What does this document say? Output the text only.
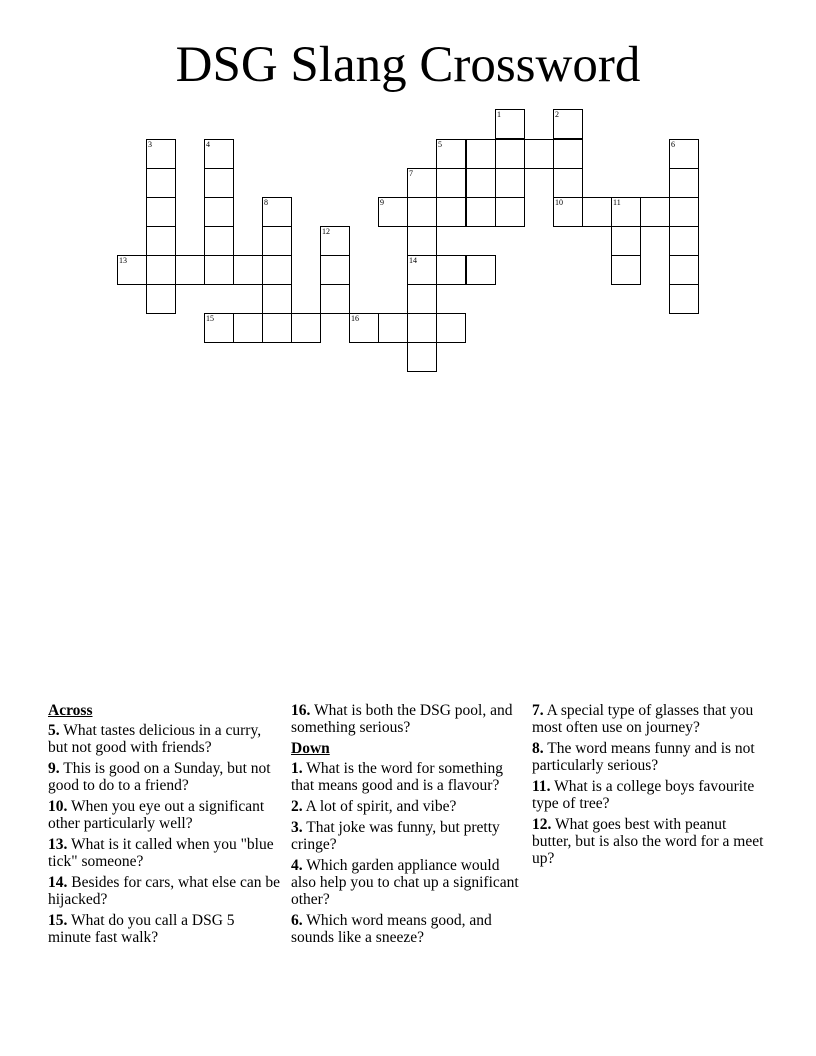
DSG Slang Crossword
1	2
3	4	5	6
7
8	9	10	11
12
13	14
15	16
Across
5. What tastes delicious in a curry, but not good with friends?
9. This is good on a Sunday, but not good to do to a friend?
10. When you eye out a significant other particularly well?
13. What is it called when you "blue tick" someone?
14. Besides for cars, what else can be hijacked?
15. What do you call a DSG 5 minute fast walk?
16. What is both the DSG pool, and something serious?
Down
1. What is the word for something that means good and is a flavour?
2. A lot of spirit, and vibe?
3. That joke was funny, but pretty cringe?
4. Which garden appliance would also help you to chat up a significant other?
6. Which word means good, and sounds like a sneeze?
7. A special type of glasses that you most often use on journey?
8. The word means funny and is not particularly serious?
11. What is a college boys favourite type of tree?
12. What goes best with peanut butter, but is also the word for a meet up?
